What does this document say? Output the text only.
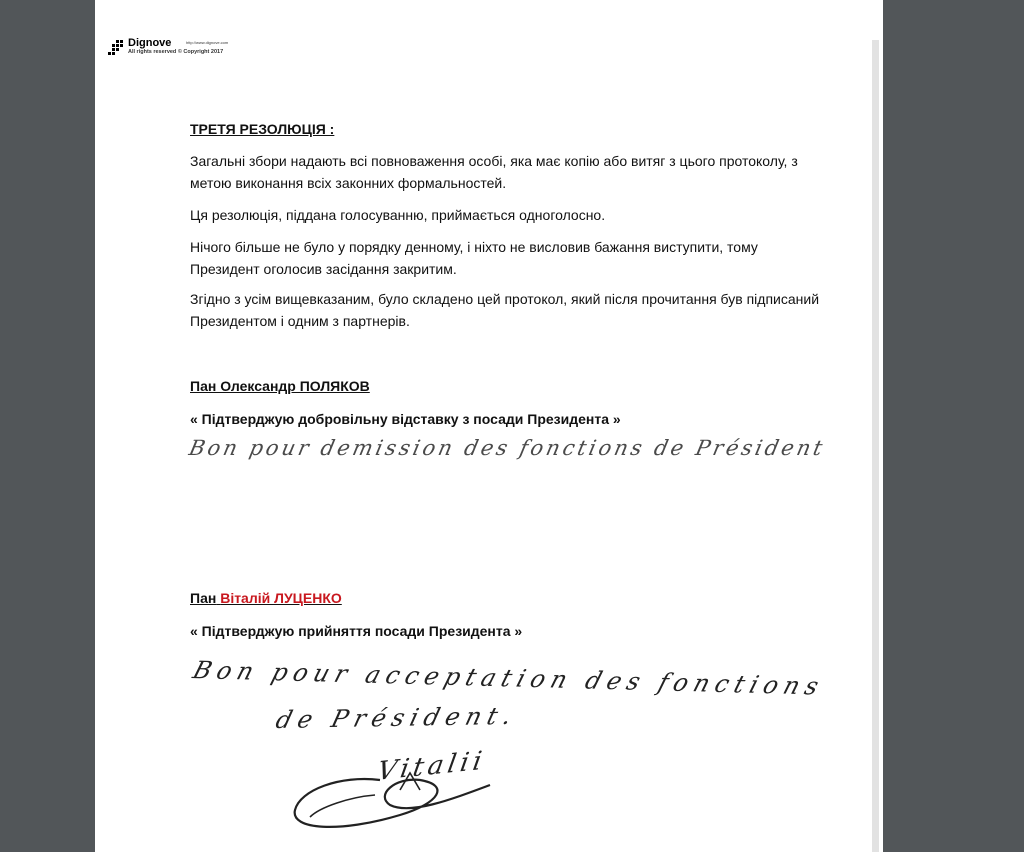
Dignove	http://www.dignove.com
All rights reserved © Copyright 2017
ТРЕТЯ РЕЗОЛЮЦІЯ :

Загальні збори надають всі повноваження особі, яка має копію або витяг з цього протоколу, з метою виконання всіх законних формальностей.

Ця резолюція, піддана голосуванню, приймається одноголосно.

Нічого більше не було у порядку денному, і ніхто не висловив бажання виступити, тому Президент оголосив засідання закритим.

Згідно з усім вищевказаним, було складено цей протокол, який після прочитання був підписаний Президентом і одним з партнерів.

Пан Олександр ПОЛЯКОВ
« Підтверджую добровільну відставку з посади Президента »
Пан Віталій ЛУЦЕНКО
« Підтверджую прийняття посади Президента »
Bon pour demission des fonctions de Président
Bon pour acceptation des fonctions
de Président.
Vitalii
